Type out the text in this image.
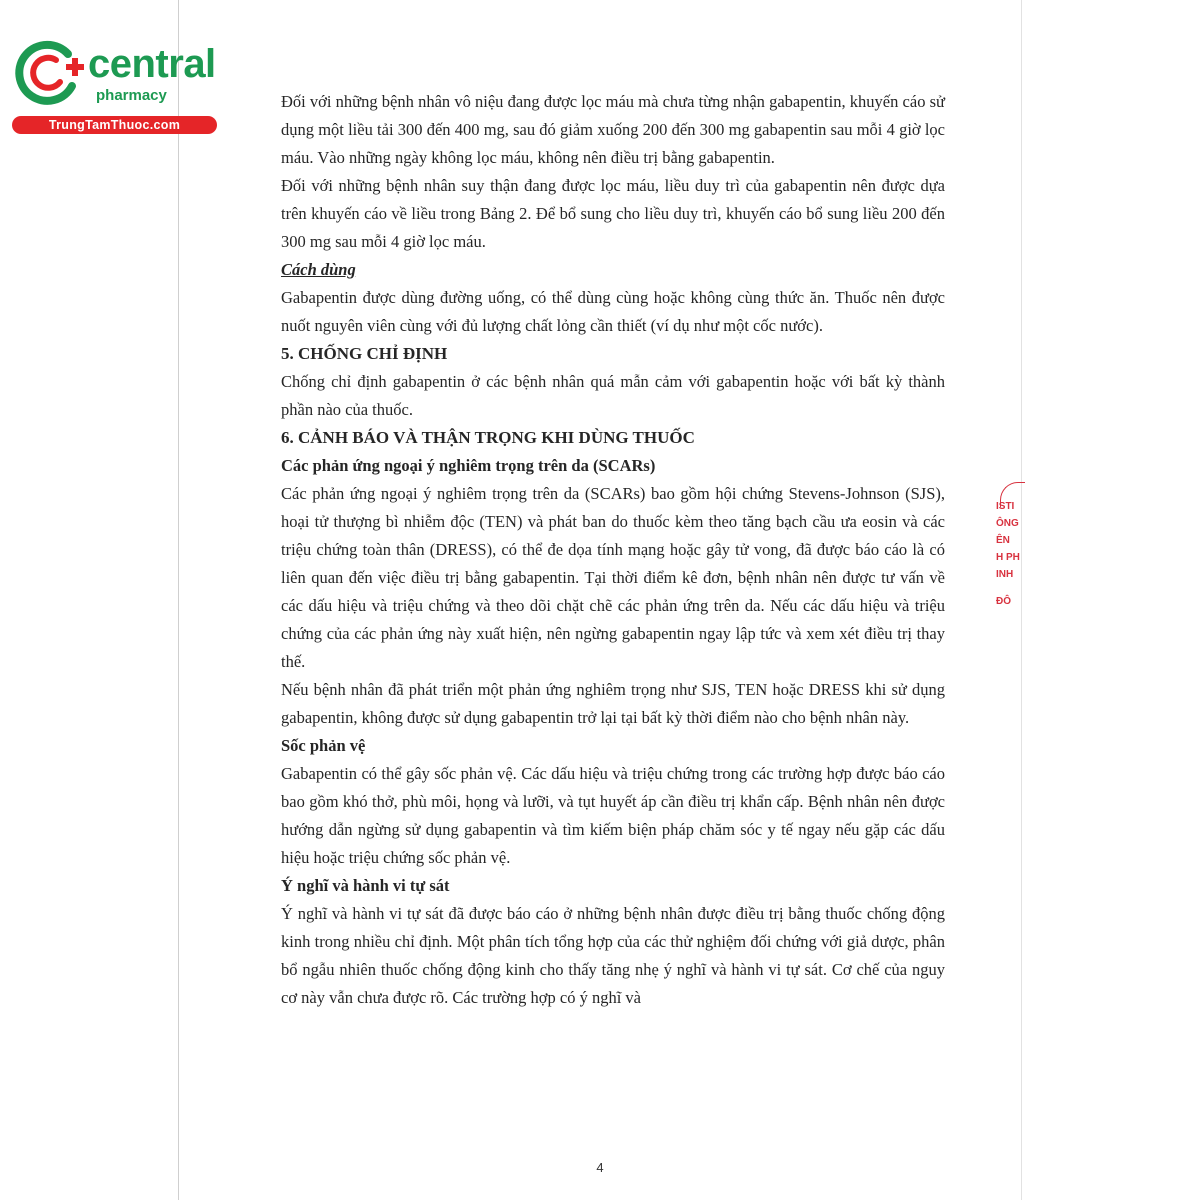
central
pharmacy
TrungTamThuoc.com
ISTI
ÔNG
ÊN
H PH
INH
ĐÔ

Đối với những bệnh nhân vô niệu đang được lọc máu mà chưa từng nhận gabapentin, khuyến cáo sử dụng một liều tải 300 đến 400 mg, sau đó giảm xuống 200 đến 300 mg gabapentin sau mỗi 4 giờ lọc máu. Vào những ngày không lọc máu, không nên điều trị bằng gabapentin.

Đối với những bệnh nhân suy thận đang được lọc máu, liều duy trì của gabapentin nên được dựa trên khuyến cáo về liều trong Bảng 2. Để bổ sung cho liều duy trì, khuyến cáo bổ sung liều 200 đến 300 mg sau mỗi 4 giờ lọc máu.

Cách dùng

Gabapentin được dùng đường uống, có thể dùng cùng hoặc không cùng thức ăn. Thuốc nên được nuốt nguyên viên cùng với đủ lượng chất lỏng cần thiết (ví dụ như một cốc nước).

5. CHỐNG CHỈ ĐỊNH

Chống chỉ định gabapentin ở các bệnh nhân quá mẫn cảm với gabapentin hoặc với bất kỳ thành phần nào của thuốc.

6. CẢNH BÁO VÀ THẬN TRỌNG KHI DÙNG THUỐC
Các phản ứng ngoại ý nghiêm trọng trên da (SCARs)

Các phản ứng ngoại ý nghiêm trọng trên da (SCARs) bao gồm hội chứng Stevens-Johnson (SJS), hoại tử thượng bì nhiễm độc (TEN) và phát ban do thuốc kèm theo tăng bạch cầu ưa eosin và các triệu chứng toàn thân (DRESS), có thể đe dọa tính mạng hoặc gây tử vong, đã được báo cáo là có liên quan đến việc điều trị bằng gabapentin. Tại thời điểm kê đơn, bệnh nhân nên được tư vấn về các dấu hiệu và triệu chứng và theo dõi chặt chẽ các phản ứng trên da. Nếu các dấu hiệu và triệu chứng của các phản ứng này xuất hiện, nên ngừng gabapentin ngay lập tức và xem xét điều trị thay thế.

Nếu bệnh nhân đã phát triển một phản ứng nghiêm trọng như SJS, TEN hoặc DRESS khi sử dụng gabapentin, không được sử dụng gabapentin trở lại tại bất kỳ thời điểm nào cho bệnh nhân này.

Sốc phản vệ

Gabapentin có thể gây sốc phản vệ. Các dấu hiệu và triệu chứng trong các trường hợp được báo cáo bao gồm khó thở, phù môi, họng và lưỡi, và tụt huyết áp cần điều trị khẩn cấp. Bệnh nhân nên được hướng dẫn ngừng sử dụng gabapentin và tìm kiếm biện pháp chăm sóc y tế ngay nếu gặp các dấu hiệu hoặc triệu chứng sốc phản vệ.

Ý nghĩ và hành vi tự sát

Ý nghĩ và hành vi tự sát đã được báo cáo ở những bệnh nhân được điều trị bằng thuốc chống động kinh trong nhiều chỉ định. Một phân tích tổng hợp của các thử nghiệm đối chứng với giả dược, phân bổ ngẫu nhiên thuốc chống động kinh cho thấy tăng nhẹ ý nghĩ và hành vi tự sát. Cơ chế của nguy cơ này vẫn chưa được rõ. Các trường hợp có ý nghĩ và

4
